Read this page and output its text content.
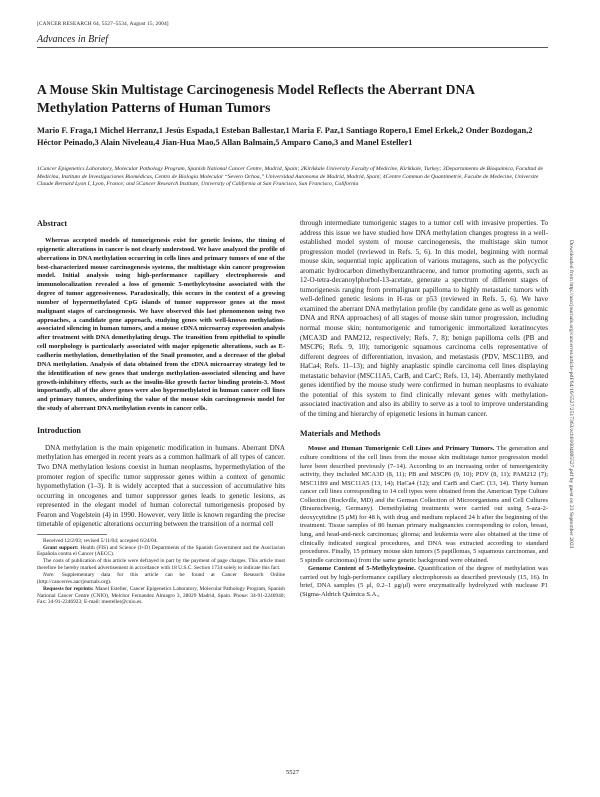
[CANCER RESEARCH 64, 5527–5534, August 15, 2004]
Advances in Brief
A Mouse Skin Multistage Carcinogenesis Model Reflects the Aberrant DNA Methylation Patterns of Human Tumors
Mario F. Fraga,1 Michel Herranz,1 Jesús Espada,1 Esteban Ballestar,1 Maria F. Paz,1 Santiago Ropero,1 Emel Erkek,2 Onder Bozdogan,2 Héctor Peinado,3 Alain Niveleau,4 Jian-Hua Mao,5 Allan Balmain,5 Amparo Cano,3 and Manel Esteller1
1Cancer Epigenetics Laboratory, Molecular Pathology Program, Spanish National Cancer Centre, Madrid, Spain; 2Kirikkale University Faculty of Medicine, Kirikkale, Turkey; 3Departamento de Bioquímica, Facultad de Medicina, Instituto de Investigaciones Biomédicas, Centro de Biología Molecular “Severo Ochoa,” Universidad Autonoma de Madrid, Madrid, Spain; 4Centre Commun de Quantimetrie, Faculte de Medecine, Universite Claude Bernard Lyon I, Lyon, France; and 5Cancer Research Institute, University of California at San Francisco, San Francisco, California
Abstract

Whereas accepted models of tumorigenesis exist for genetic lesions, the timing of epigenetic alterations in cancer is not clearly understood. We have analyzed the profile of aberrations in DNA methylation occurring in cells lines and primary tumors of one of the best-characterized mouse carcinogenesis systems, the multistage skin cancer progression model. Initial analysis using high-performance capillary electrophoresis and immunolocalization revealed a loss of genomic 5-methylcytosine associated with the degree of tumor aggressiveness. Paradoxically, this occurs in the context of a growing number of hypermethylated CpG islands of tumor suppressor genes at the most malignant stages of carcinogenesis. We have observed this last phenomenon using two approaches, a candidate gene approach, studying genes with well-known methylation-associated silencing in human tumors, and a mouse cDNA microarray expression analysis after treatment with DNA demethylating drugs. The transition from epithelial to spindle cell morphology is particularly associated with major epigenetic alterations, such as E-cadherin methylation, demethylation of the Snail promoter, and a decrease of the global DNA methylation. Analysis of data obtained from the cDNA microarray strategy led to the identification of new genes that undergo methylation-associated silencing and have growth-inhibitory effects, such as the insulin-like growth factor binding protein-3. Most importantly, all of the above genes were also hypermethylated in human cancer cell lines and primary tumors, underlining the value of the mouse skin carcinogenesis model for the study of aberrant DNA methylation events in cancer cells.

Introduction

DNA methylation is the main epigenetic modification in humans. Aberrant DNA methylation has emerged in recent years as a common hallmark of all types of cancer. Two DNA methylation lesions coexist in human neoplasms, hypermethylation of the promoter region of specific tumor suppressor genes within a context of genomic hypomethylation (1–3). It is widely accepted that a succession of accumulative hits occurring in oncogenes and tumor suppressor genes leads to genetic lesions, as represented in the elegant model of human colorectal tumorigenesis proposed by Fearon and Vogelstein (4) in 1990. However, very little is known regarding the precise timetable of epigenetic alterations occurring between the transition of a normal cell

Received 12/2/03; revised 5/11/04; accepted 6/24/04.

Grant support: Health (FIS) and Science (I+D) Departments of the Spanish Government and the Asociacion Española contra el Cancer (AECC).

The costs of publication of this article were defrayed in part by the payment of page charges. This article must therefore be hereby marked advertisement in accordance with 18 U.S.C. Section 1734 solely to indicate this fact.

Note: Supplementary data for this article can be found at Cancer Research Online (http://cancerres.aacrjournals.org).

Requests for reprints: Manel Esteller, Cancer Epigenetics Laboratory, Molecular Pathology Program, Spanish National Cancer Centre (CNIO), Melchor Fernandez Almagro 3, 28029 Madrid, Spain. Phone: 34-91-2246940; Fax: 34-91-2246923; E-mail: mesteller@cnio.es.

through intermediate tumorigenic stages to a tumor cell with invasive properties. To address this issue we have studied how DNA methylation changes progress in a well-established model system of mouse carcinogenesis, the multistage skin tumor progression model (reviewed in Refs. 5, 6). In this model, beginning with normal mouse skin, sequential topic application of various mutagens, such as the polycyclic aromatic hydrocarbon dimethylbenzanthracene, and tumor promoting agents, such as 12-O-tetra-decanoylphorbol-13-acetate, generate a spectrum of different stages of tumorigenesis ranging from premalignant papilloma to highly metastatic tumors with well-defined genetic lesions in H-ras or p53 (reviewed in Refs. 5, 6). We have examined the aberrant DNA methylation profile (by candidate gene as well as genomic DNA and RNA approaches) of all stages of mouse skin tumor progression, including normal mouse skin; nontumorigenic and tumorigenic immortalized keratinocytes (MCA3D and PAM212, respectively; Refs. 7, 8); benign papilloma cells (PB and MSCP6; Refs. 9, 10); tumorigenic squamous carcinoma cells representative of different degrees of differentiation, invasion, and metastasis (PDV, MSC11B9, and HaCa4; Refs. 11–13); and highly anaplastic spindle carcinoma cell lines displaying metastatic behavior (MSC11A5, CarB, and CarC; Refs. 13, 14). Aberrantly methylated genes identified by the mouse study were confirmed in human neoplasms to evaluate the potential of this system to find clinically relevant genes with methylation-associated inactivation and also its ability to serve as a tool to improve understanding of the timing and hierarchy of epigenetic lesions in human cancer.

Materials and Methods

Mouse and Human Tumorigenic Cell Lines and Primary Tumors. The generation and culture conditions of the cell lines from the mouse skin multistage tumor progression model have been described previously (7–14). According to an increasing order of tumorigenicity activity, they included MCA3D (8, 11); PB and MSCP6 (9, 10); PDV (8, 11); PAM212 (7); MSC11B9 and MSC11A5 (13, 14); HaCa4 (12); and CarB and CarC (13, 14). Thirty human cancer cell lines corresponding to 14 cell types were obtained from the American Type Culture Collection (Rockville, MD) and the German Collection of Microorganisms and Cell Cultures (Braunschweig, Germany). Demethylating treatments were carried out using 5-aza-2-deoxycytidine (5 μM) for 48 h, with drug and medium replaced 24 h after the beginning of the treatment. Tissue samples of 86 human primary malignancies corresponding to colon, breast, lung, and head-and-neck carcinomas; glioma; and leukemia were also obtained at the time of clinically indicated surgical procedures, and DNA was extracted according to standard procedures. Finally, 15 primary mouse skin tumors (5 papillomas, 5 squamous carcinomas, and 5 spindle carcinomas) from the same genetic background were obtained.

Genome Content of 5-Methylcytosine. Quantification of the degree of methylation was carried out by high-performance capillary electrophoresis as described previously (15, 16). In brief, DNA samples (5 μl, 0.2–1 μg/μl) were enzymatically hydrolyzed with nuclease P1 (Sigma-Aldrich Química S.A.,

Downloaded from http://aacrjournals.org/cancerres/article-pdf/64/16/5527/2517363/zch01604005527.pdf by guest on 23 September 2023
5527
